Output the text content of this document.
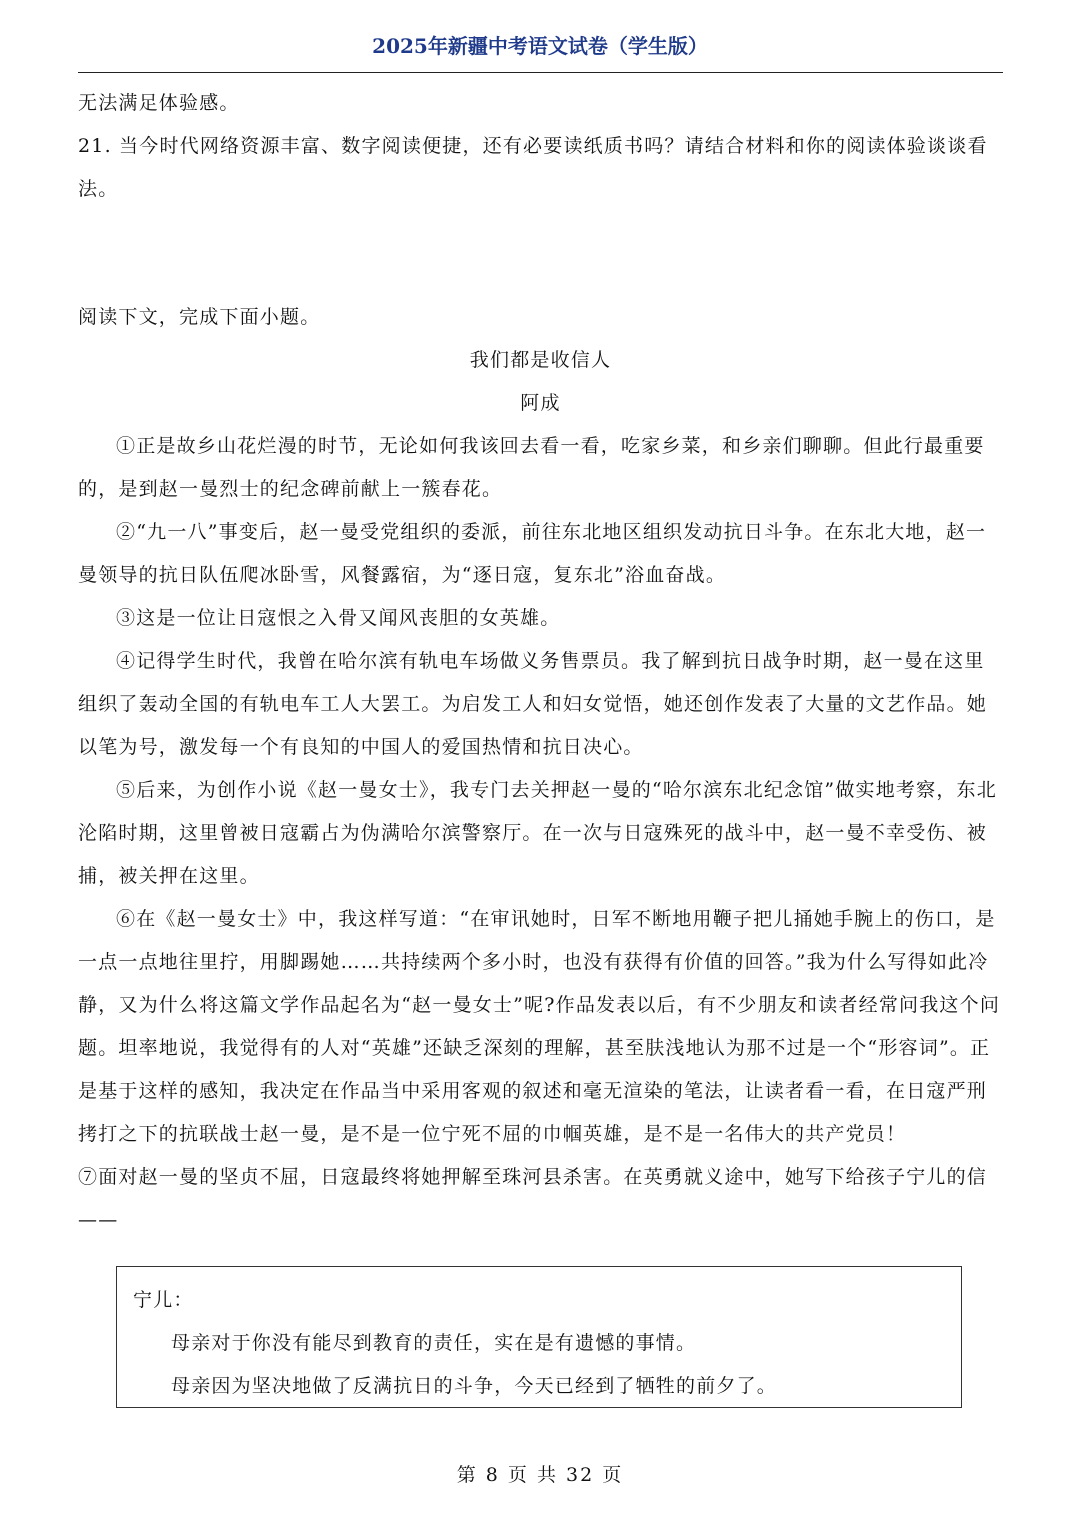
2025年新疆中考语文试卷（学生版）

无法满足体验感。

21. 当今时代网络资源丰富、数字阅读便捷，还有必要读纸质书吗？请结合材料和你的阅读体验谈谈看法。

阅读下文，完成下面小题。

我们都是收信人

阿成

①正是故乡山花烂漫的时节，无论如何我该回去看一看，吃家乡菜，和乡亲们聊聊。但此行最重要的，是到赵一曼烈士的纪念碑前献上一簇春花。

②“九一八”事变后，赵一曼受党组织的委派，前往东北地区组织发动抗日斗争。在东北大地，赵一曼领导的抗日队伍爬冰卧雪，风餐露宿，为“逐日寇，复东北”浴血奋战。

③这是一位让日寇恨之入骨又闻风丧胆的女英雄。

④记得学生时代，我曾在哈尔滨有轨电车场做义务售票员。我了解到抗日战争时期，赵一曼在这里组织了轰动全国的有轨电车工人大罢工。为启发工人和妇女觉悟，她还创作发表了大量的文艺作品。她以笔为号，激发每一个有良知的中国人的爱国热情和抗日决心。

⑤后来，为创作小说《赵一曼女士》，我专门去关押赵一曼的“哈尔滨东北纪念馆”做实地考察，东北沦陷时期，这里曾被日寇霸占为伪满哈尔滨警察厅。在一次与日寇殊死的战斗中，赵一曼不幸受伤、被捕，被关押在这里。

⑥在《赵一曼女士》中，我这样写道：“在审讯她时，日军不断地用鞭子把儿捅她手腕上的伤口，是一点一点地往里拧，用脚踢她……共持续两个多小时，也没有获得有价值的回答。”我为什么写得如此冷静，又为什么将这篇文学作品起名为“赵一曼女士”呢?作品发表以后，有不少朋友和读者经常问我这个问题。坦率地说，我觉得有的人对“英雄”还缺乏深刻的理解，甚至肤浅地认为那不过是一个“形容词”。正是基于这样的感知，我决定在作品当中采用客观的叙述和毫无渲染的笔法，让读者看一看，在日寇严刑拷打之下的抗联战士赵一曼，是不是一位宁死不屈的巾帼英雄，是不是一名伟大的共产党员！

⑦面对赵一曼的坚贞不屈，日寇最终将她押解至珠河县杀害。在英勇就义途中，她写下给孩子宁儿的信——

宁儿：

母亲对于你没有能尽到教育的责任，实在是有遗憾的事情。

母亲因为坚决地做了反满抗日的斗争，今天已经到了牺牲的前夕了。

第 8 页 共 32 页
